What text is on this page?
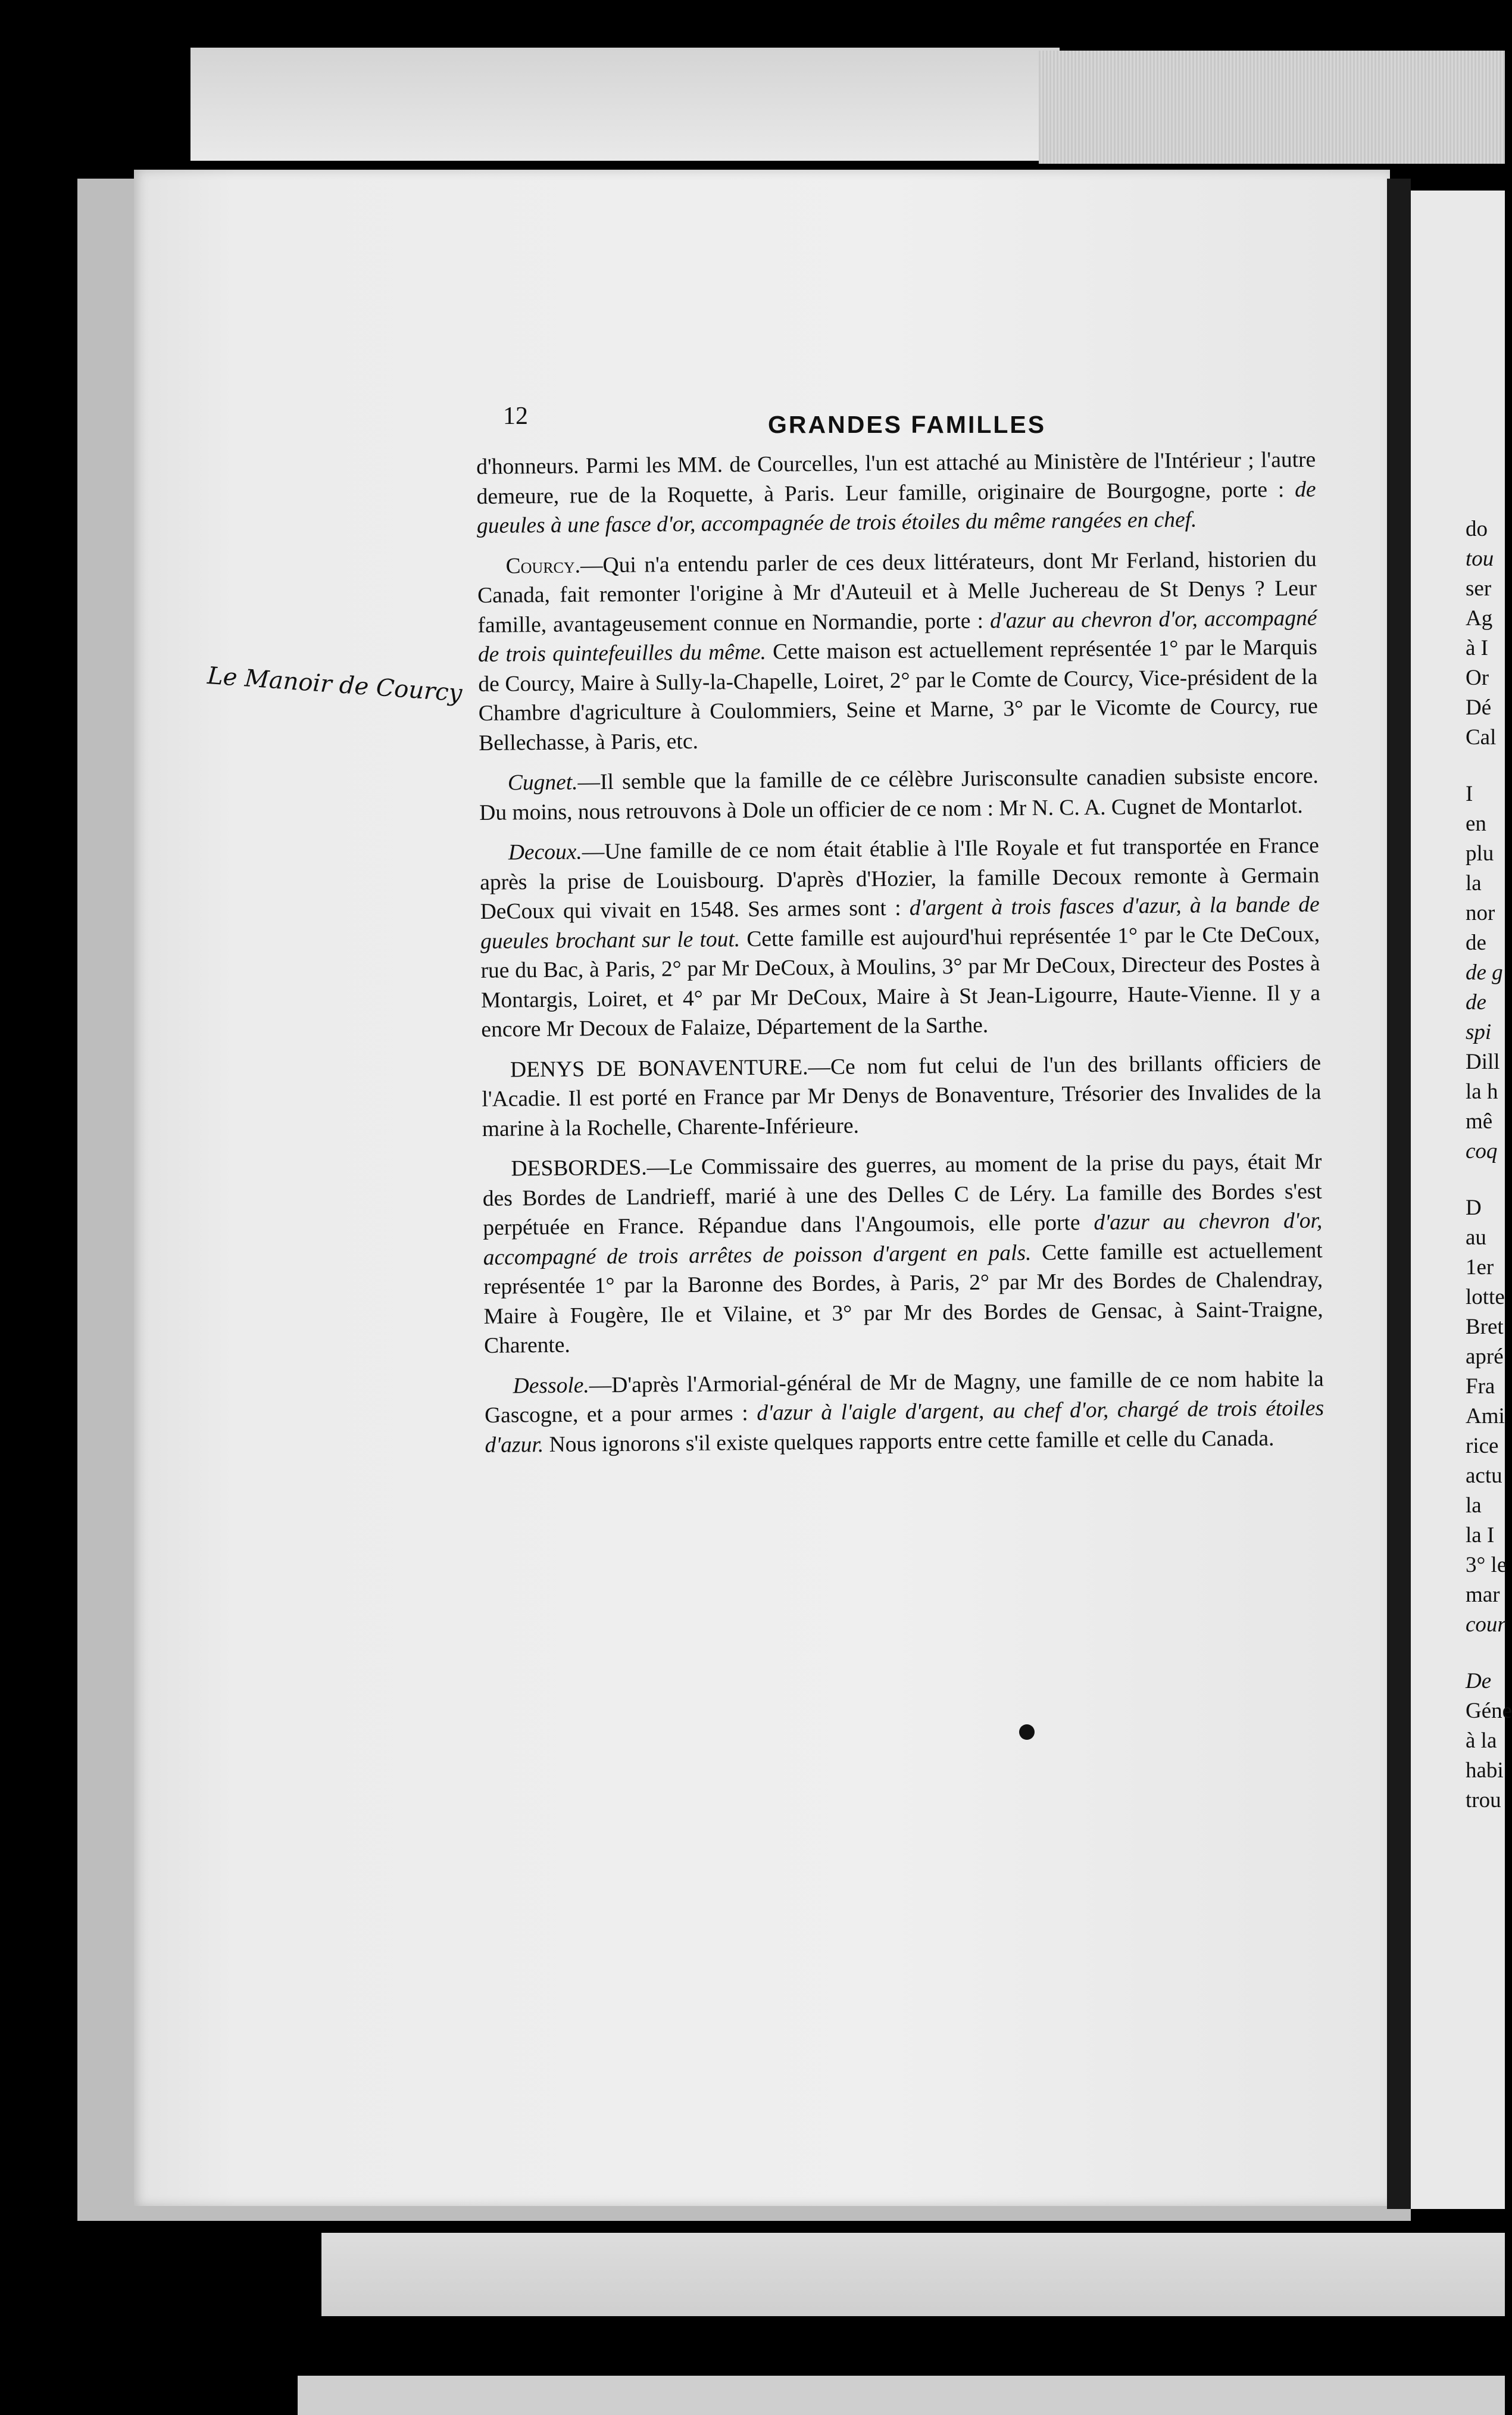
12	GRANDES FAMILLES
Le Manoir de Courcy

d'honneurs. Parmi les MM. de Courcelles, l'un est attaché au Ministère de l'Intérieur ; l'autre demeure, rue de la Roquette, à Paris. Leur famille, originaire de Bourgogne, porte : de gueules à une fasce d'or, accompagnée de trois étoiles du même rangées en chef.

Courcy.—Qui n'a entendu parler de ces deux littérateurs, dont Mr Ferland, historien du Canada, fait remonter l'origine à Mr d'Auteuil et à Melle Juchereau de St Denys ? Leur famille, avantageusement connue en Normandie, porte : d'azur au chevron d'or, accompagné de trois quintefeuilles du même. Cette maison est actuellement représentée 1° par le Marquis de Courcy, Maire à Sully-la-Chapelle, Loiret, 2° par le Comte de Courcy, Vice-président de la Chambre d'agriculture à Coulommiers, Seine et Marne, 3° par le Vicomte de Courcy, rue Bellechasse, à Paris, etc.

Cugnet.—Il semble que la famille de ce célèbre Jurisconsulte canadien subsiste encore. Du moins, nous retrouvons à Dole un officier de ce nom : Mr N. C. A. Cugnet de Montarlot.

Decoux.—Une famille de ce nom était établie à l'Ile Royale et fut transportée en France après la prise de Louisbourg. D'après d'Hozier, la famille Decoux remonte à Germain DeCoux qui vivait en 1548. Ses armes sont : d'argent à trois fasces d'azur, à la bande de gueules brochant sur le tout. Cette famille est aujourd'hui représentée 1° par le Cte DeCoux, rue du Bac, à Paris, 2° par Mr DeCoux, à Moulins, 3° par Mr DeCoux, Directeur des Postes à Montargis, Loiret, et 4° par Mr DeCoux, Maire à St Jean-Ligourre, Haute-Vienne. Il y a encore Mr Decoux de Falaize, Département de la Sarthe.

DENYS DE BONAVENTURE.—Ce nom fut celui de l'un des brillants officiers de l'Acadie. Il est porté en France par Mr Denys de Bonaventure, Trésorier des Invalides de la marine à la Rochelle, Charente-Inférieure.

DESBORDES.—Le Commissaire des guerres, au moment de la prise du pays, était Mr des Bordes de Landrieff, marié à une des Delles C de Léry. La famille des Bordes s'est perpétuée en France. Répandue dans l'Angoumois, elle porte d'azur au chevron d'or, accompagné de trois arrêtes de poisson d'argent en pals. Cette famille est actuellement représentée 1° par la Baronne des Bordes, à Paris, 2° par Mr des Bordes de Chalendray, Maire à Fougère, Ile et Vilaine, et 3° par Mr des Bordes de Gensac, à Saint-Traigne, Charente.

Dessole.—D'après l'Armorial-général de Mr de Magny, une famille de ce nom habite la Gascogne, et a pour armes : d'azur à l'aigle d'argent, au chef d'or, chargé de trois étoiles d'azur. Nous ignorons s'il existe quelques rapports entre cette famille et celle du Canada.

do
tou
ser
Ag
à I
Or
Dé
Cal
I
en
plu
la
nor
de
de g
de
spi
Dill
la h
mê
coq
D
au
1er
lotte
Bret
apré
Fra
Ami
rice
actu
la
la I
3° le
mar
cour
De
Géne
à la
habi
trou
